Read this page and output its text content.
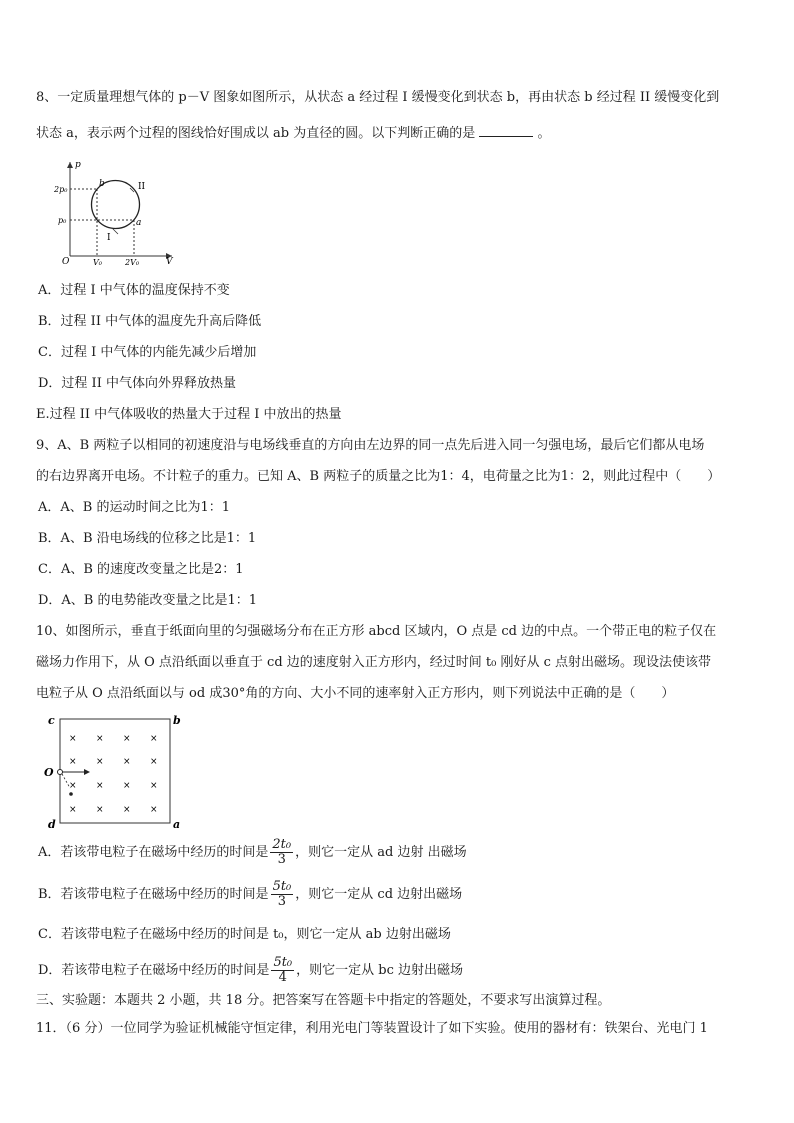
8、一定质量理想气体的 p－V 图象如图所示，从状态 a 经过程 I 缓慢变化到状态 b，再由状态 b 经过程 II 缓慢变化到
状态 a，表示两个过程的图线恰好围成以 ab 为直径的圆。以下判断正确的是	。
p
V
O
2p₀
p₀
V₀	2V₀
b
a
I
II
A．过程 I 中气体的温度保持不变
B．过程 II 中气体的温度先升高后降低
C．过程 I 中气体的内能先减少后增加
D．过程 II 中气体向外界释放热量
E.过程 II 中气体吸收的热量大于过程 I 中放出的热量
9、A、B 两粒子以相同的初速度沿与电场线垂直的方向由左边界的同一点先后进入同一匀强电场，最后它们都从电场
的右边界离开电场。不计粒子的重力。已知 A、B 两粒子的质量之比为1：4，电荷量之比为1：2，则此过程中（　　）
A．A、B 的运动时间之比为1：1
B．A、B 沿电场线的位移之比是1：1
C．A、B 的速度改变量之比是2：1
D．A、B 的电势能改变量之比是1：1
10、如图所示，垂直于纸面向里的匀强磁场分布在正方形 abcd 区域内，O 点是 cd 边的中点。一个带正电的粒子仅在
磁场力作用下，从 O 点沿纸面以垂直于 cd 边的速度射入正方形内，经过时间 t₀ 刚好从 c 点射出磁场。现设法使该带
电粒子从 O 点沿纸面以与 od 成30°角的方向、大小不同的速率射入正方形内，则下列说法中正确的是（　　）
c	b
d	a
O
× × × ×
× × × ×
× × × ×
× × × ×
A．若该带电粒子在磁场中经历的时间是 $\frac{\text{2t₀}}{3}$ ，则它一定从 ad 边射 出磁场
B．若该带电粒子在磁场中经历的时间是 $\frac{\text{5t₀}}{3}$ ，则它一定从 cd 边射出磁场
C．若该带电粒子在磁场中经历的时间是 t₀，则它一定从 ab 边射出磁场
D．若该带电粒子在磁场中经历的时间是 $\frac{\text{5t₀}}{4}$ ，则它一定从 bc 边射出磁场
三、实验题：本题共 2 小题，共 18 分。把答案写在答题卡中指定的答题处，不要求写出演算过程。
11．（6 分）一位同学为验证机械能守恒定律，利用光电门等装置设计了如下实验。使用的器材有：铁架台、光电门 1
